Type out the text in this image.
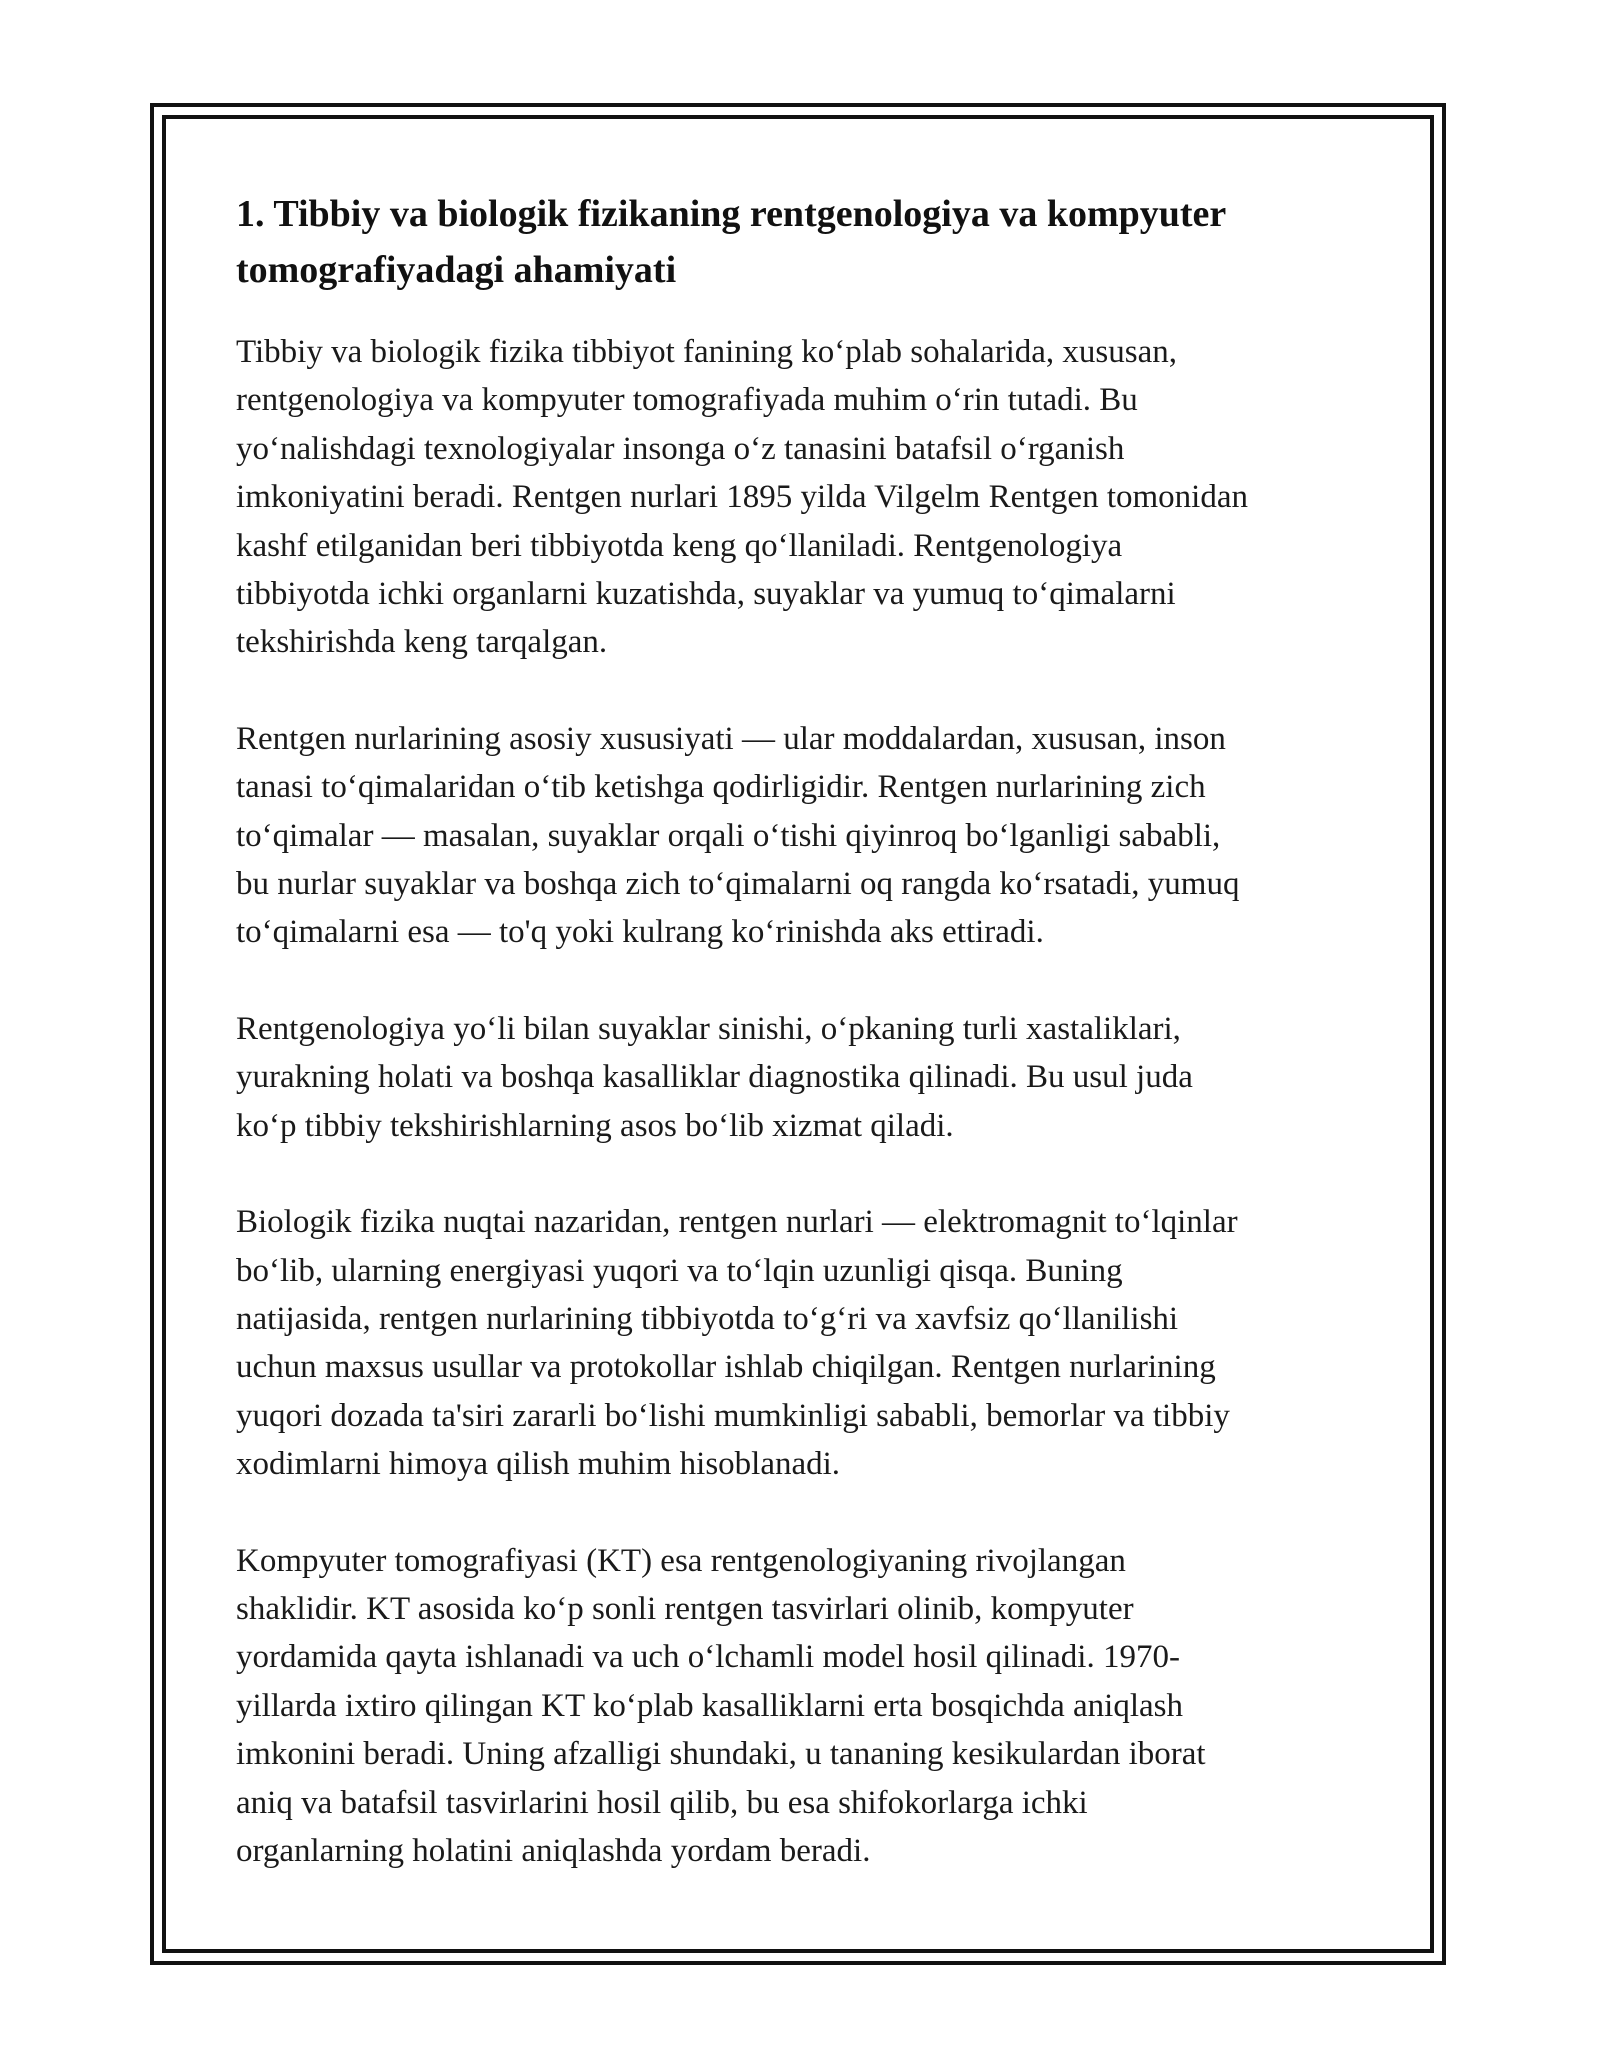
1. Tibbiy va biologik fizikaning rentgenologiya va kompyuter tomografiyadagi ahamiyati

Tibbiy va biologik fizika tibbiyot fanining koʻplab sohalarida, xususan,
rentgenologiya va kompyuter tomografiyada muhim oʻrin tutadi. Bu
yoʻnalishdagi texnologiyalar insonga oʻz tanasini batafsil oʻrganish
imkoniyatini beradi. Rentgen nurlari 1895 yilda Vilgelm Rentgen tomonidan
kashf etilganidan beri tibbiyotda keng qoʻllaniladi. Rentgenologiya
tibbiyotda ichki organlarni kuzatishda, suyaklar va yumuq toʻqimalarni
tekshirishda keng tarqalgan.

Rentgen nurlarining asosiy xususiyati — ular moddalardan, xususan, inson
tanasi toʻqimalaridan oʻtib ketishga qodirligidir. Rentgen nurlarining zich
toʻqimalar — masalan, suyaklar orqali oʻtishi qiyinroq boʻlganligi sababli,
bu nurlar suyaklar va boshqa zich toʻqimalarni oq rangda koʻrsatadi, yumuq
toʻqimalarni esa — to'q yoki kulrang koʻrinishda aks ettiradi.

Rentgenologiya yoʻli bilan suyaklar sinishi, oʻpkaning turli xastaliklari,
yurakning holati va boshqa kasalliklar diagnostika qilinadi. Bu usul juda
koʻp tibbiy tekshirishlarning asos boʻlib xizmat qiladi.

Biologik fizika nuqtai nazaridan, rentgen nurlari — elektromagnit toʻlqinlar
boʻlib, ularning energiyasi yuqori va toʻlqin uzunligi qisqa. Buning
natijasida, rentgen nurlarining tibbiyotda toʻgʻri va xavfsiz qoʻllanilishi
uchun maxsus usullar va protokollar ishlab chiqilgan. Rentgen nurlarining
yuqori dozada ta'siri zararli boʻlishi mumkinligi sababli, bemorlar va tibbiy
xodimlarni himoya qilish muhim hisoblanadi.

Kompyuter tomografiyasi (KT) esa rentgenologiyaning rivojlangan
shaklidir. KT asosida koʻp sonli rentgen tasvirlari olinib, kompyuter
yordamida qayta ishlanadi va uch oʻlchamli model hosil qilinadi. 1970-
yillarda ixtiro qilingan KT koʻplab kasalliklarni erta bosqichda aniqlash
imkonini beradi. Uning afzalligi shundaki, u tananing kesikulardan iborat
aniq va batafsil tasvirlarini hosil qilib, bu esa shifokorlarga ichki
organlarning holatini aniqlashda yordam beradi.
